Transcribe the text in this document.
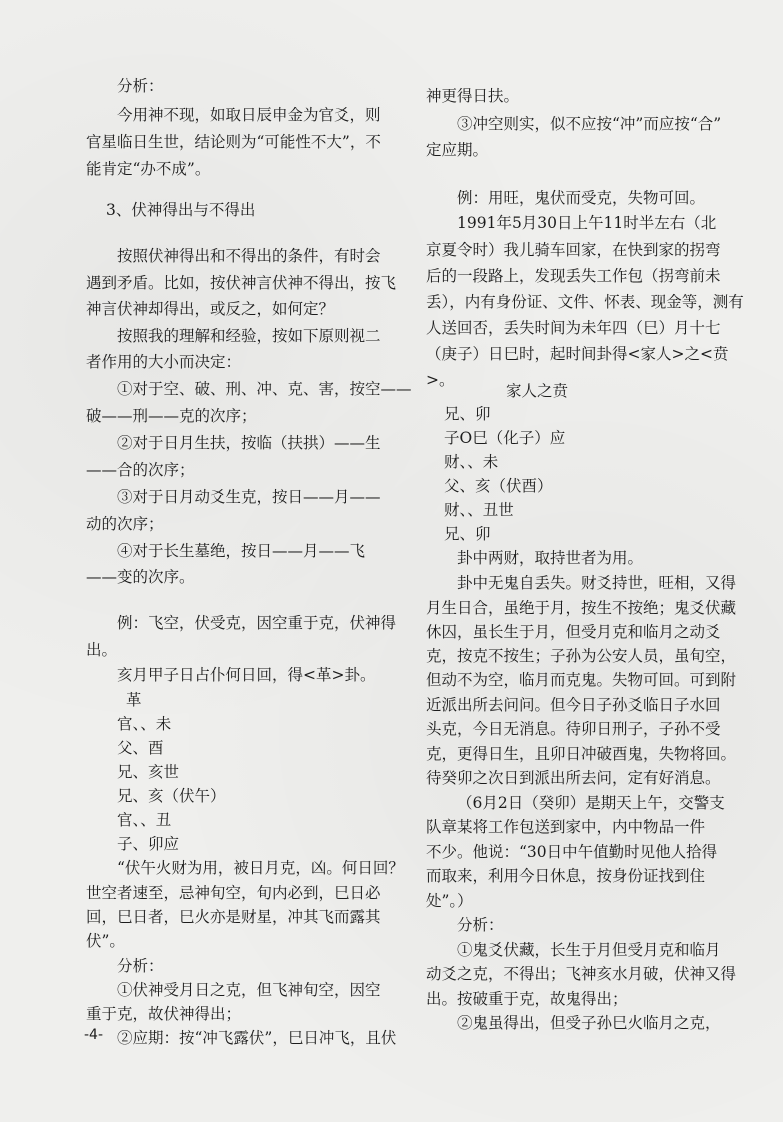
分析：
今用神不现，如取日辰申金为官爻，则
官星临日生世，结论则为“可能性不大”，不
能肯定“办不成”。
3、伏神得出与不得出
按照伏神得出和不得出的条件，有时会
遇到矛盾。比如，按伏神言伏神不得出，按飞
神言伏神却得出，或反之，如何定？
按照我的理解和经验，按如下原则视二
者作用的大小而决定：
①对于空、破、刑、冲、克、害，按空——
破——刑——克的次序；
②对于日月生扶，按临（扶拱）——生
——合的次序；
③对于日月动爻生克，按日——月——
动的次序；
④对于长生墓绝，按日——月——飞
——变的次序。
例：飞空，伏受克，因空重于克，伏神得
出。
亥月甲子日占仆何日回，得<革>卦。
革
官、、未
父、酉
兄、亥世
兄、亥（伏午）
官、、丑
子、卯应
“伏午火财为用，被日月克，凶。何日回？
世空者速至，忌神旬空，旬内必到，巳日必
回，巳日者，巳火亦是财星，冲其飞而露其
伏”。
分析：
①伏神受月日之克，但飞神旬空，因空
重于克，故伏神得出；
②应期：按“冲飞露伏”，巳日冲飞，且伏
神更得日扶。
③冲空则实，似不应按“冲”而应按“合”
定应期。
例：用旺，鬼伏而受克，失物可回。
1991年5月30日上午11时半左右（北
京夏令时）我儿骑车回家，在快到家的拐弯
后的一段路上，发现丢失工作包（拐弯前未
丢），内有身份证、文件、怀表、现金等，测有
人送回否，丢失时间为未年四（巳）月十七
（庚子）日巳时，起时间卦得<家人>之<贲
>。
家人之贲
兄、卯
子O巳（化子）应
财、、未
父、亥（伏酉）
财、、丑世
兄、卯
卦中两财，取持世者为用。
卦中无鬼自丢失。财爻持世，旺相，又得
月生日合，虽绝于月，按生不按绝；鬼爻伏藏
休囚，虽长生于月，但受月克和临月之动爻
克，按克不按生；子孙为公安人员，虽旬空，
但动不为空，临月而克鬼。失物可回。可到附
近派出所去问问。但今日子孙爻临日子水回
头克，今日无消息。待卯日刑子，子孙不受
克，更得日生，且卯日冲破酉鬼，失物将回。
待癸卯之次日到派出所去问，定有好消息。
（6月2日（癸卯）是期天上午，交警支
队章某将工作包送到家中，内中物品一件
不少。他说：“30日中午值勤时见他人拾得
而取来，利用今日休息，按身份证找到住
处”。）
分析：
①鬼爻伏藏，长生于月但受月克和临月
动爻之克，不得出；飞神亥水月破，伏神又得
出。按破重于克，故鬼得出；
②鬼虽得出，但受子孙巳火临月之克，
-4-
